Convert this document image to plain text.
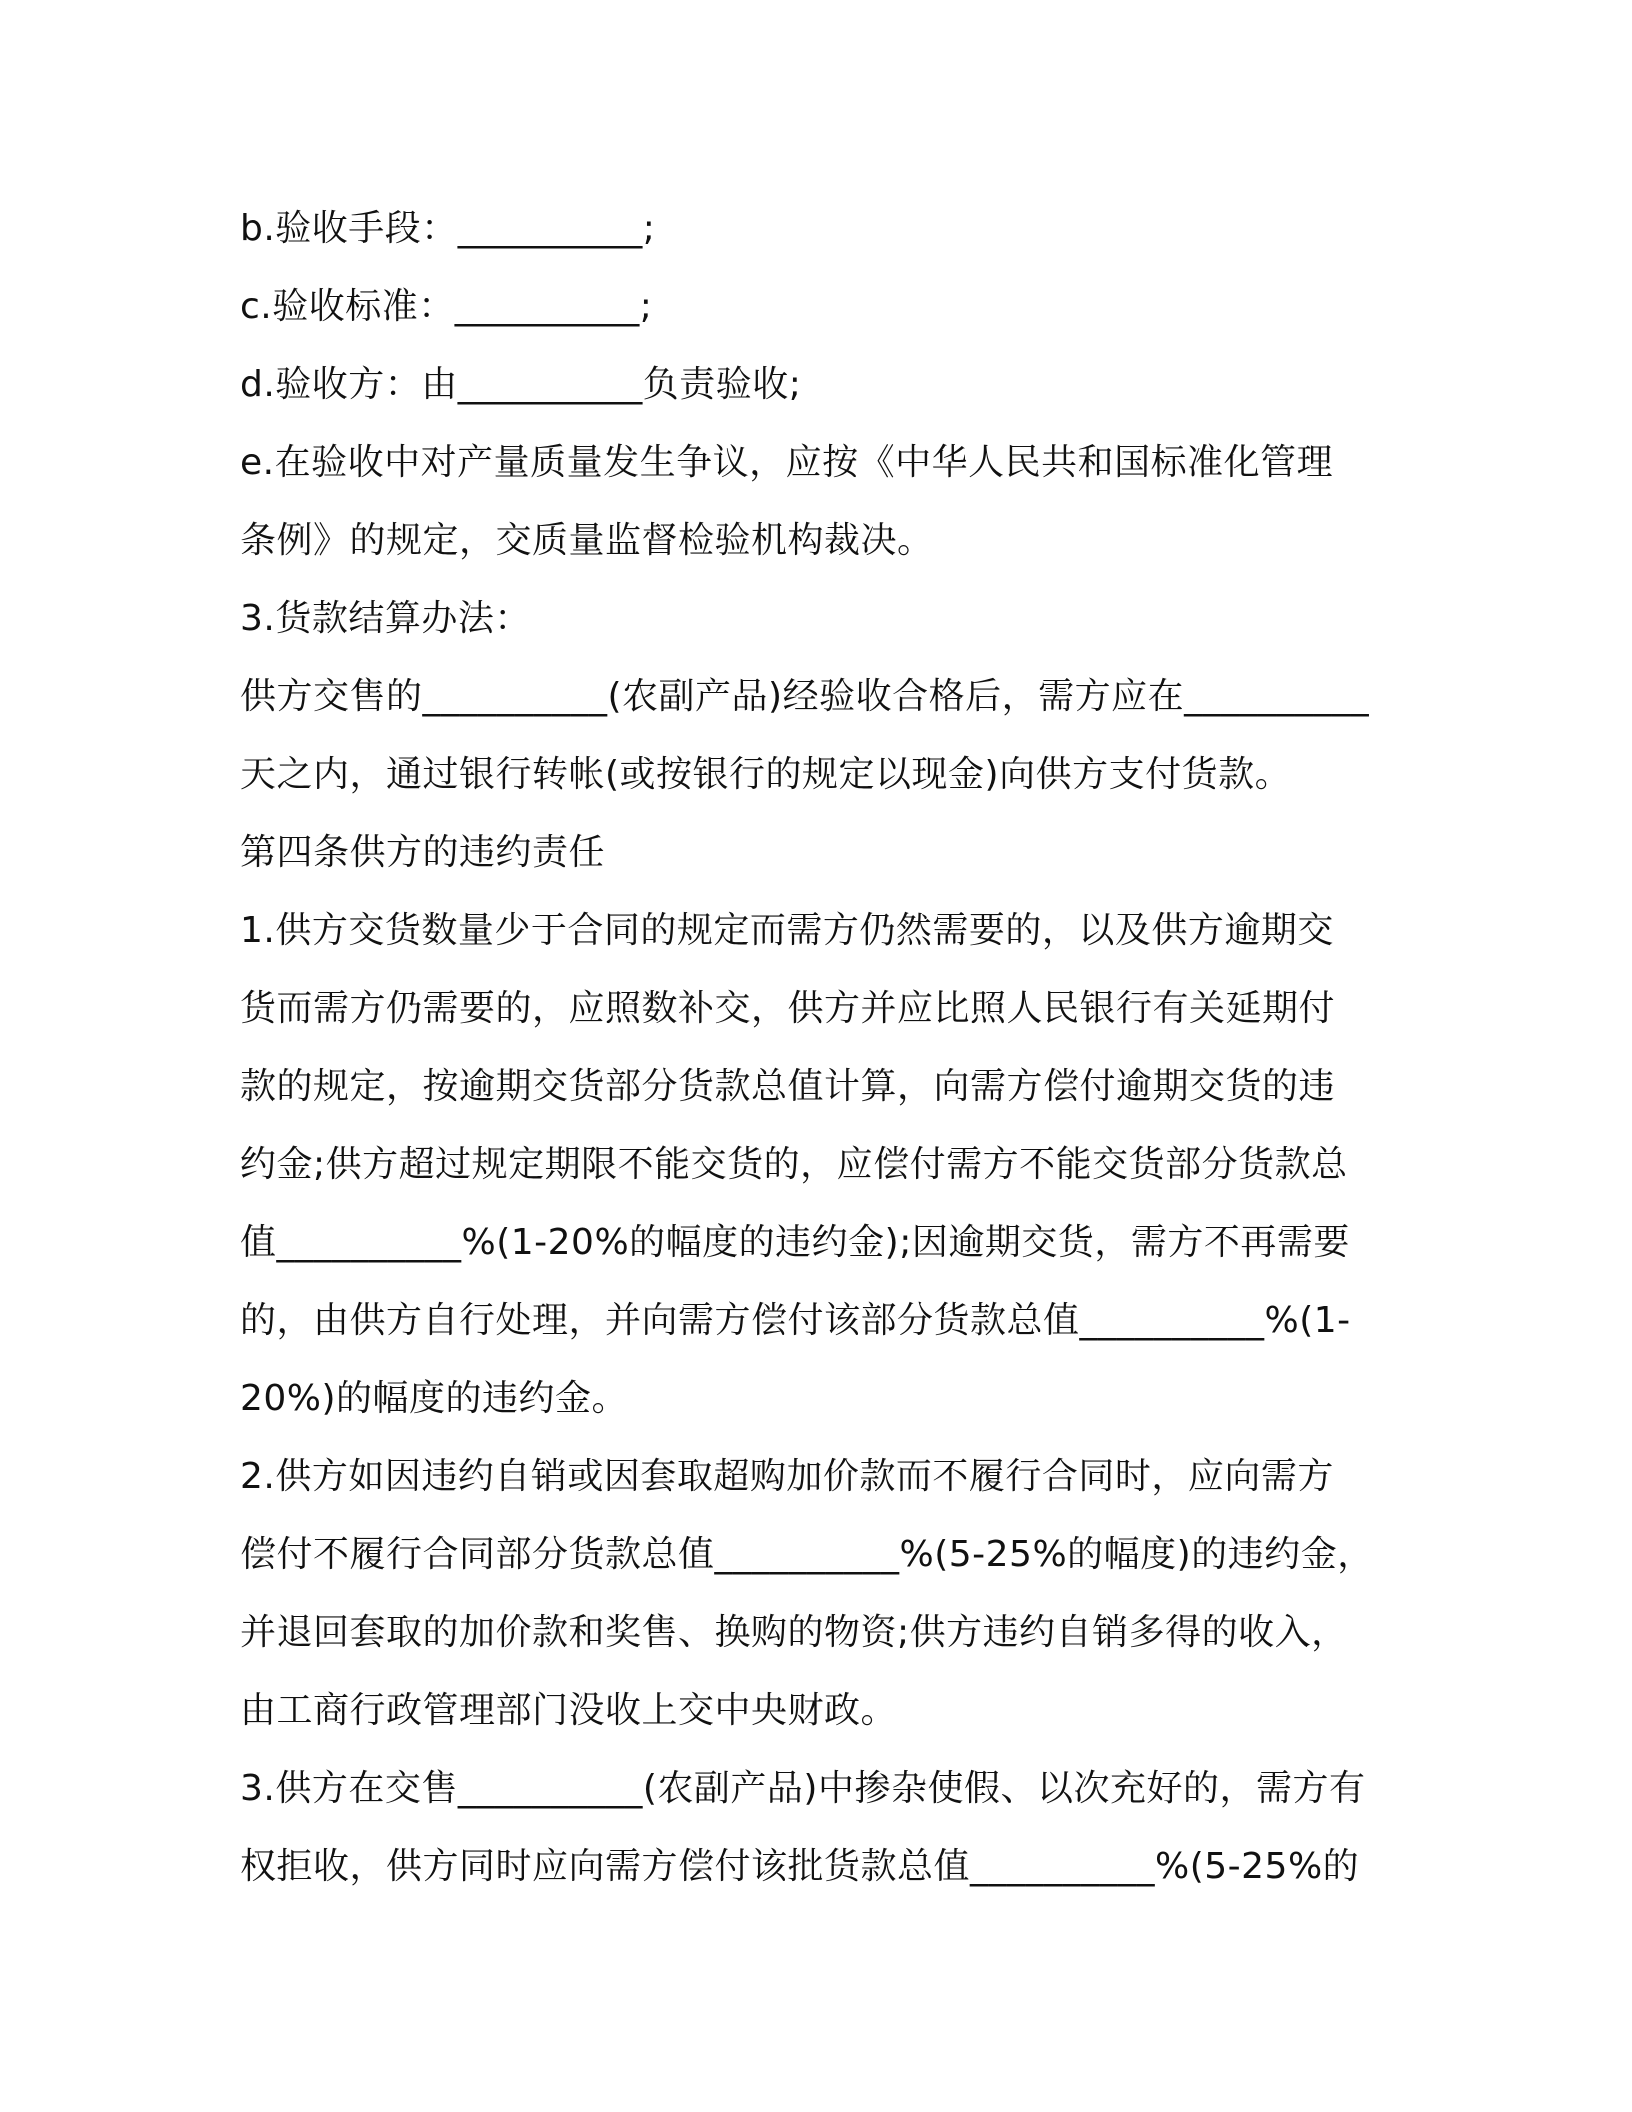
b.验收手段：__________;
c.验收标准：__________;
d.验收方：由__________负责验收;
e.在验收中对产量质量发生争议，应按《中华人民共和国标准化管理
条例》的规定，交质量监督检验机构裁决。
3.货款结算办法：
供方交售的__________(农副产品)经验收合格后，需方应在__________
天之内，通过银行转帐(或按银行的规定以现金)向供方支付货款。
第四条供方的违约责任
1.供方交货数量少于合同的规定而需方仍然需要的，以及供方逾期交
货而需方仍需要的，应照数补交，供方并应比照人民银行有关延期付
款的规定，按逾期交货部分货款总值计算，向需方偿付逾期交货的违
约金;供方超过规定期限不能交货的，应偿付需方不能交货部分货款总
值__________%(1-20%的幅度的违约金);因逾期交货，需方不再需要
的，由供方自行处理，并向需方偿付该部分货款总值__________%(1-
20%)的幅度的违约金。
2.供方如因违约自销或因套取超购加价款而不履行合同时，应向需方
偿付不履行合同部分货款总值__________%(5-25%的幅度)的违约金，
并退回套取的加价款和奖售、换购的物资;供方违约自销多得的收入，
由工商行政管理部门没收上交中央财政。
3.供方在交售__________(农副产品)中掺杂使假、以次充好的，需方有
权拒收，供方同时应向需方偿付该批货款总值__________%(5-25%的
